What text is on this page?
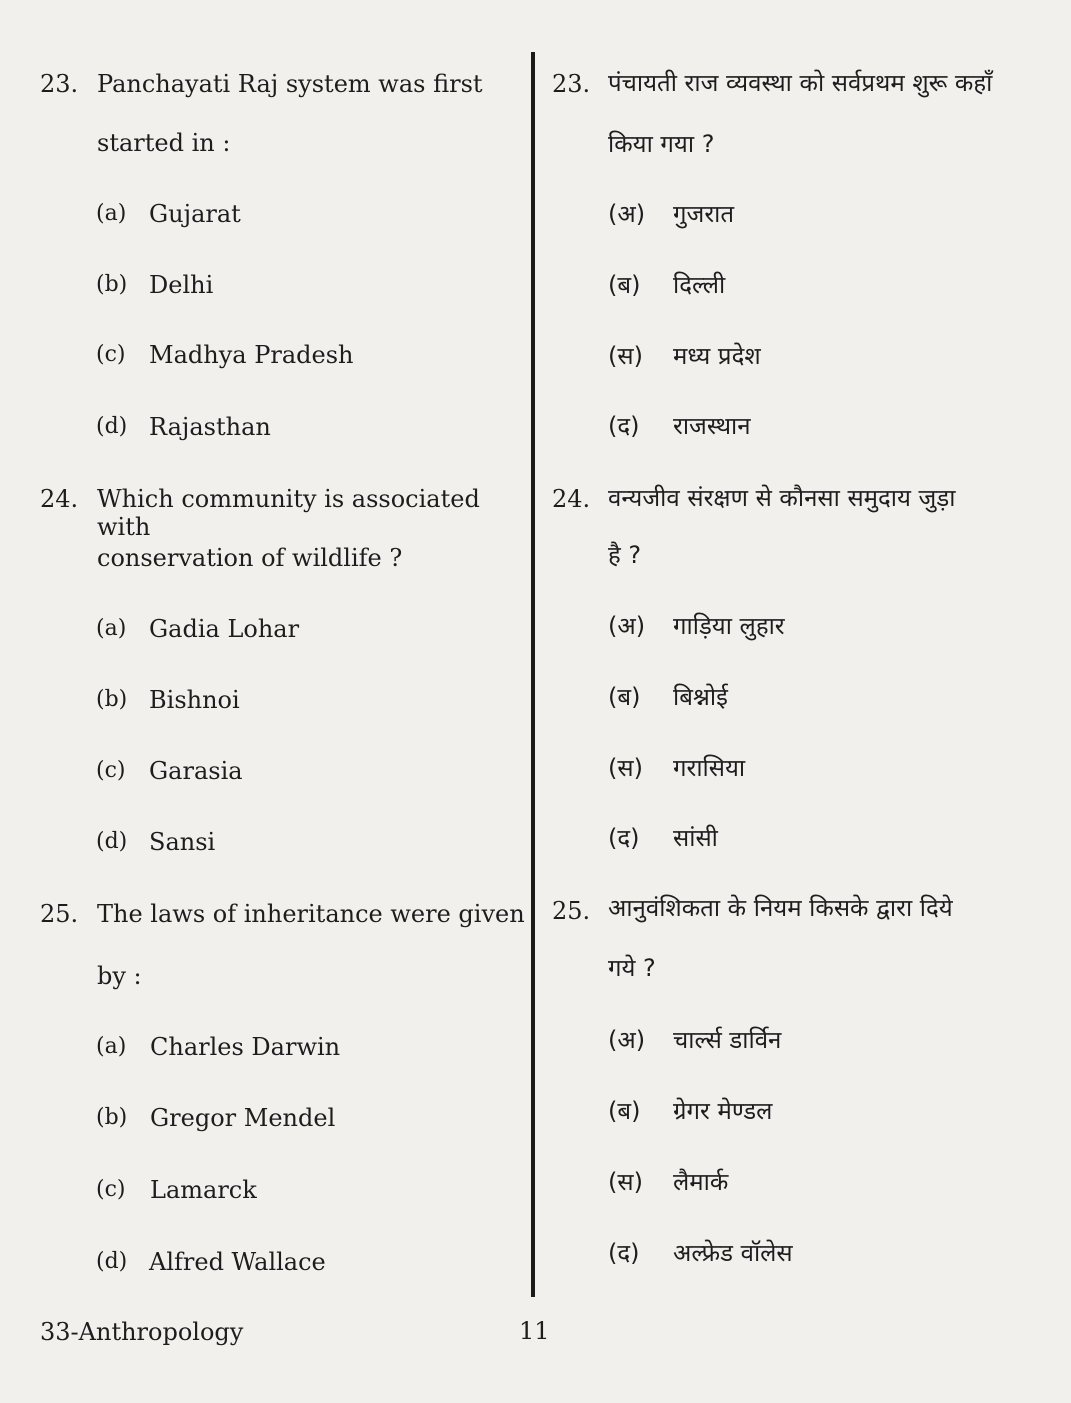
23. Panchayati Raj system was first
started in :
(a) Gujarat
(b) Delhi
(c) Madhya Pradesh
(d) Rajasthan
24. Which community is associated with
conservation of wildlife ?
(a) Gadia Lohar
(b) Bishnoi
(c) Garasia
(d) Sansi
25. The laws of inheritance were given
by :
(a) Charles Darwin
(b) Gregor Mendel
(c)	Lamarck
(d) Alfred Wallace
23. पंचायती राज व्यवस्था को सर्वप्रथम शुरू कहाँ
किया गया ?
(अ) गुजरात
(ब)	दिल्ली
(स)	मध्य प्रदेश
(द)	राजस्थान
24. वन्यजीव संरक्षण से कौनसा समुदाय जुड़ा
है ?
(अ) गाड़िया लुहार
(ब)	बिश्नोई
(स)	गरासिया
(द)	सांसी
25. आनुवंशिकता के नियम किसके द्वारा दिये
गये ?
(अ) चार्ल्स डार्विन
(ब)	ग्रेगर मेण्डल
(स)	लैमार्क
(द)	अल्फ्रेड वॉलेस
33-Anthropology	11
